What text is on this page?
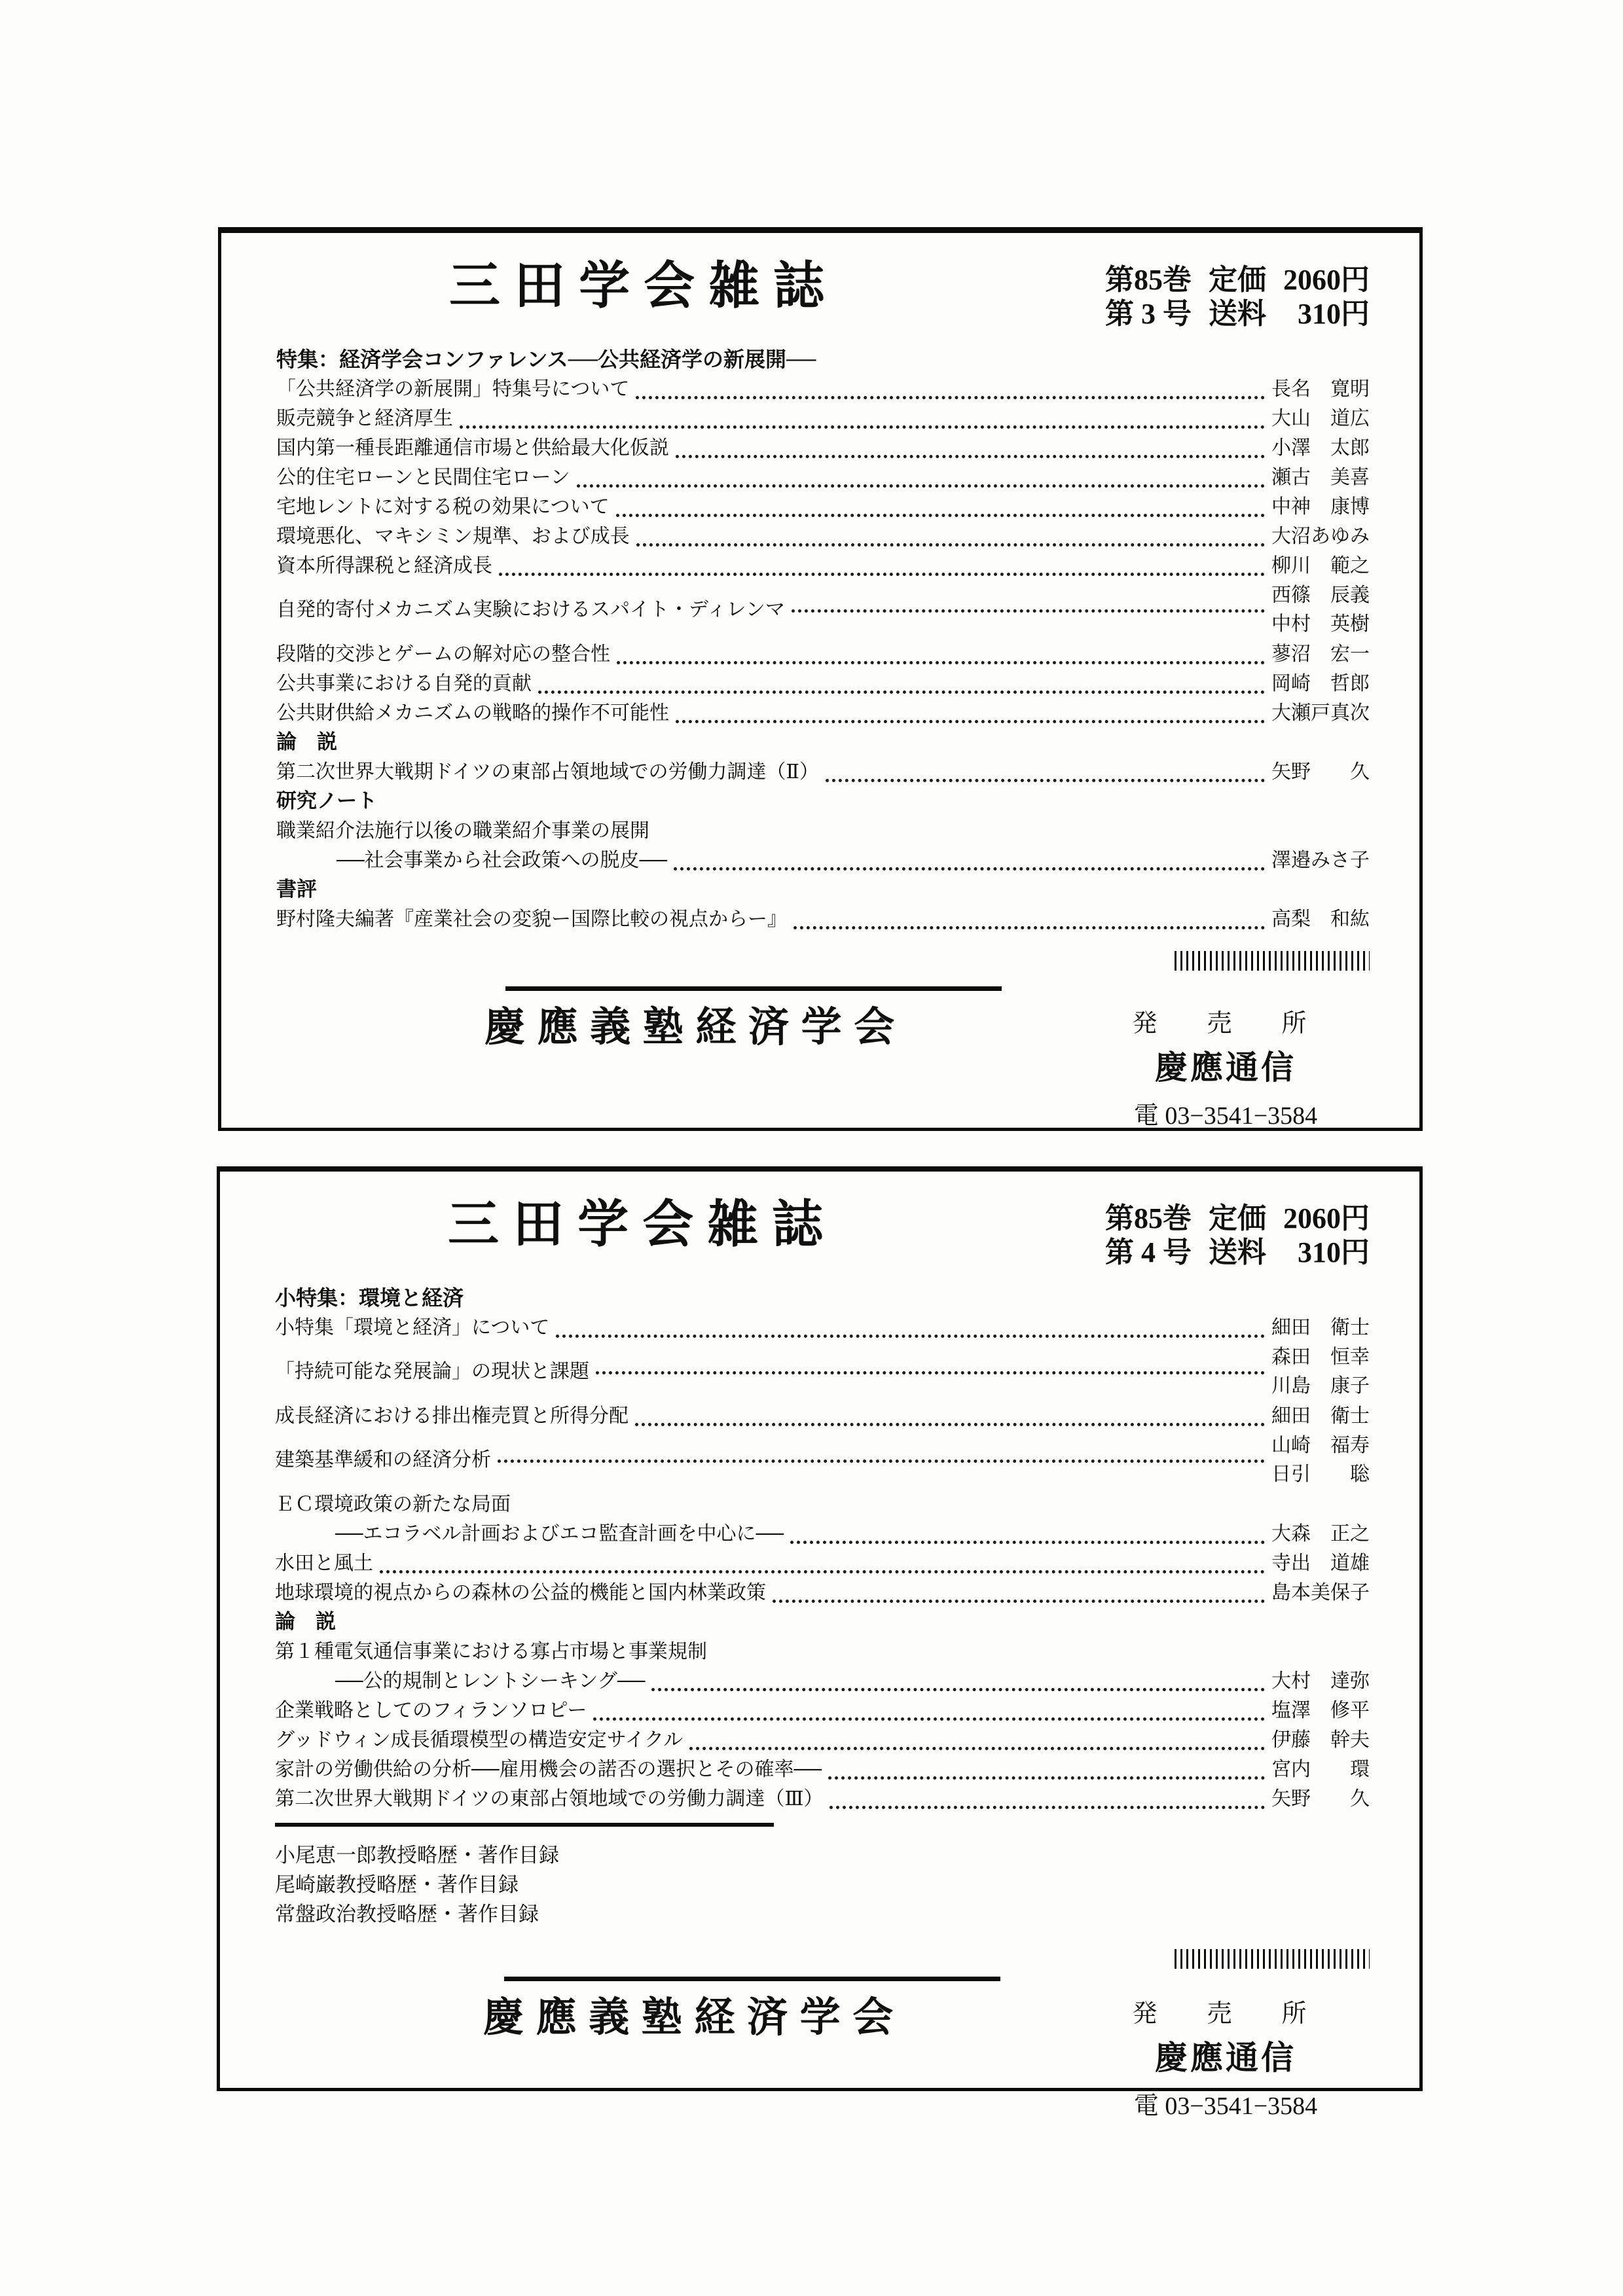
三田学会雑誌	第85巻 定価 2060円
第 3 号 送料	310円
特集：経済学会コンファレンス──公共経済学の新展開──
「公共経済学の新展開」特集号について	長名　寛明
販売競争と経済厚生	大山　道広
国内第一種長距離通信市場と供給最大化仮説	小澤　太郎
公的住宅ローンと民間住宅ローン	瀬古　美喜
宅地レントに対する税の効果について	中神　康博
環境悪化、マキシミン規準、および成長	大沼あゆみ
資本所得課税と経済成長	柳川　範之
自発的寄付メカニズム実験におけるスパイト・ディレンマ
西篠　辰義
中村　英樹
段階的交渉とゲームの解対応の整合性	蓼沼　宏一
公共事業における自発的貢献	岡崎　哲郎
公共財供給メカニズムの戦略的操作不可能性	大瀬戸真次
論　説
第二次世界大戦期ドイツの東部占領地域での労働力調達（Ⅱ）	矢野　　久
研究ノート
職業紹介法施行以後の職業紹介事業の展開
──社会事業から社会政策への脱皮──	澤邉みさ子
書評
野村隆夫編著『産業社会の変貌ー国際比較の視点からー』	高梨　和紘
慶應義塾経済学会	発　売　所
慶應通信
電 03−3541−3584
三田学会雑誌	第85巻 定価 2060円
第 4 号 送料	310円
小特集：環境と経済
小特集「環境と経済」について	細田　衛士
「持続可能な発展論」の現状と課題
森田　恒幸
川島　康子
成長経済における排出権売買と所得分配	細田　衛士
建築基準緩和の経済分析
山崎　福寿
日引　　聡
ＥＣ環境政策の新たな局面
──エコラベル計画およびエコ監査計画を中心に──	大森　正之
水田と風土	寺出　道雄
地球環境的視点からの森林の公益的機能と国内林業政策	島本美保子
論　説
第１種電気通信事業における寡占市場と事業規制
──公的規制とレントシーキング──	大村　達弥
企業戦略としてのフィランソロピー	塩澤　修平
グッドウィン成長循環模型の構造安定サイクル	伊藤　幹夫
家計の労働供給の分析──雇用機会の諾否の選択とその確率──	宮内　　環
第二次世界大戦期ドイツの東部占領地域での労働力調達（Ⅲ）	矢野　　久
小尾恵一郎教授略歴・著作目録
尾崎巌教授略歴・著作目録
常盤政治教授略歴・著作目録
慶應義塾経済学会	発　売　所
慶應通信
電 03−3541−3584
